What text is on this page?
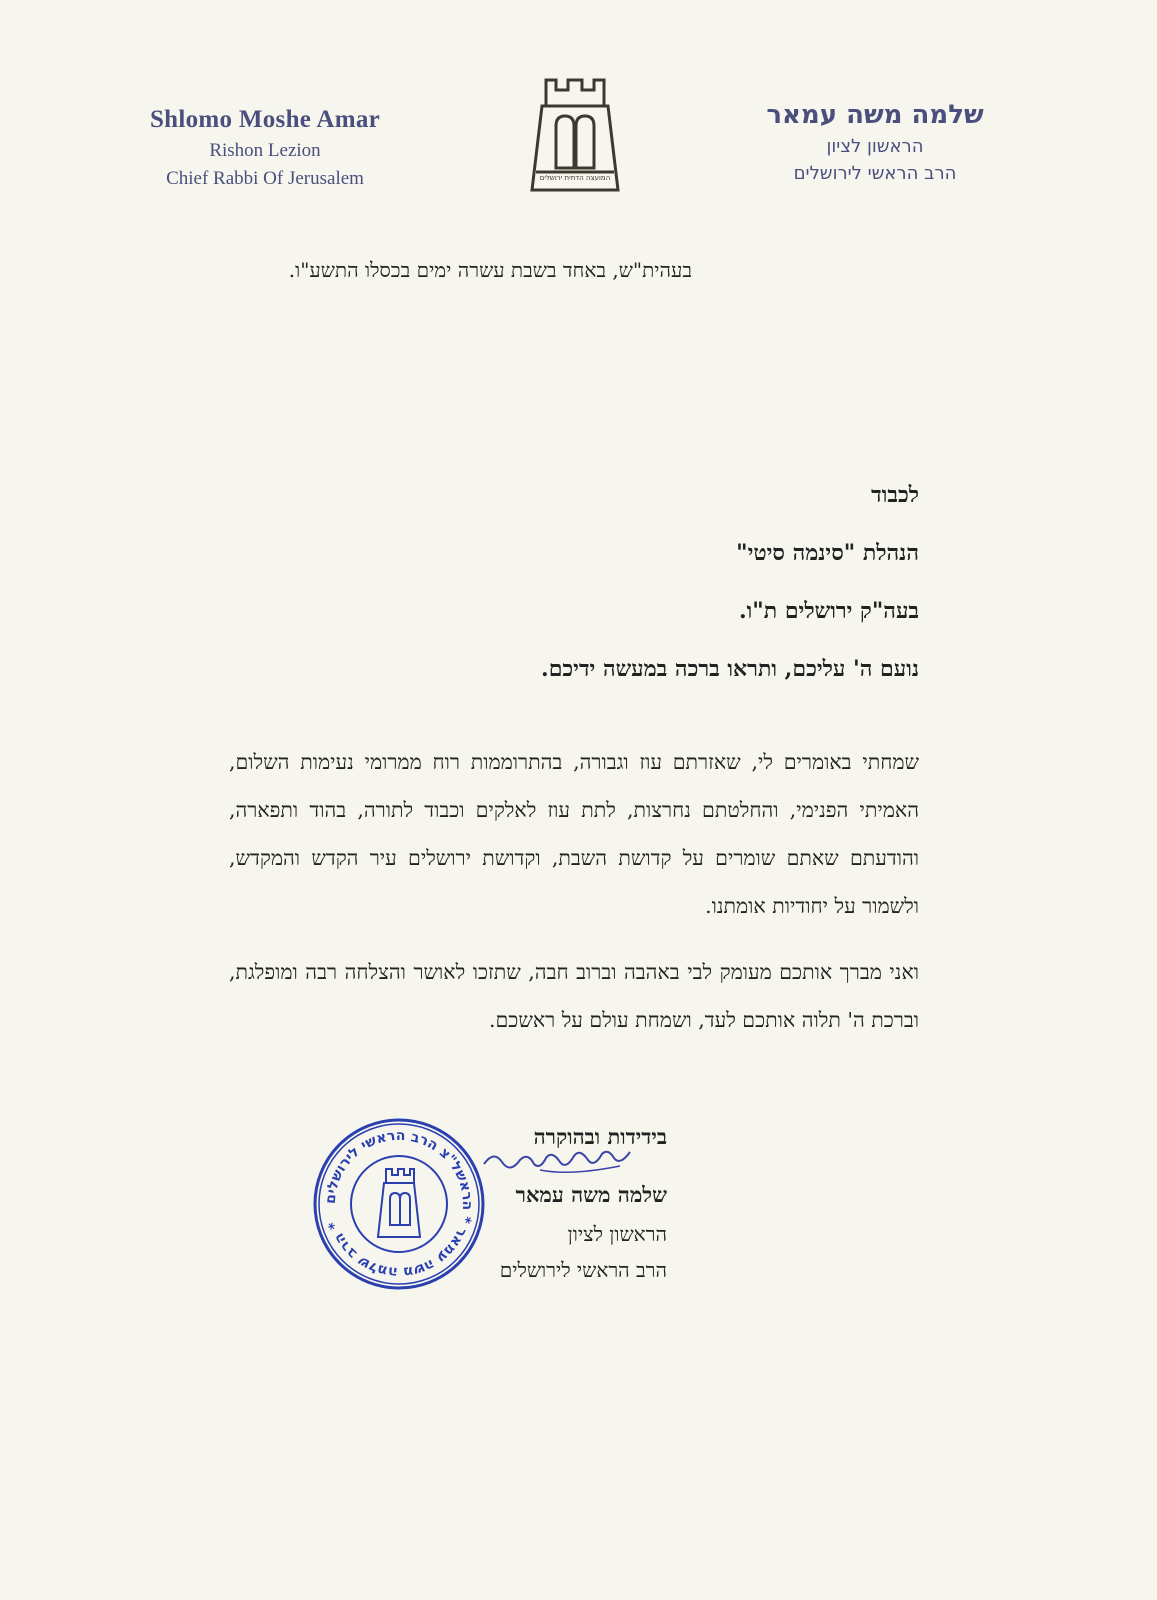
Shlomo Moshe Amar
Rishon Lezion
Chief Rabbi Of Jerusalem	המועצה הדתית ירושלים
שלמה משה עמאר
הראשון לציון
הרב הראשי לירושלים
בעהית"ש, באחד בשבת עשרה ימים בכסלו התשע"ו.
לכבוד
הנהלת "סינמה סיטי"
בעה"ק ירושלים ת"ו.
נועם ה' עליכם, ותראו ברכה במעשה ידיכם.
שמחתי באומרים לי, שאזרתם עוז וגבורה, בהתרוממות רוח ממרומי נעימות השלום, האמיתי הפנימי, והחלטתם נחרצות, לתת עוז לאלקים וכבוד לתורה, בהוד ותפארה, והודעתם שאתם שומרים על קדושת השבת, וקדושת ירושלים עיר הקדש והמקדש, ולשמור על יחודיות אומתנו.
ואני מברך אותכם מעומק לבי באהבה וברוב חבה, שתזכו לאושר והצלחה רבה ומופלגת, וברכת ה' תלוה אותכם לעד, ושמחת עולם על ראשכם.
בידידות ובהוקרה
שלמה משה עמאר
הראשון לציון
הרב הראשי לירושלים
הרב שלמה משה עמאר * הראשל"צ הרב הראשי לירושלים *
